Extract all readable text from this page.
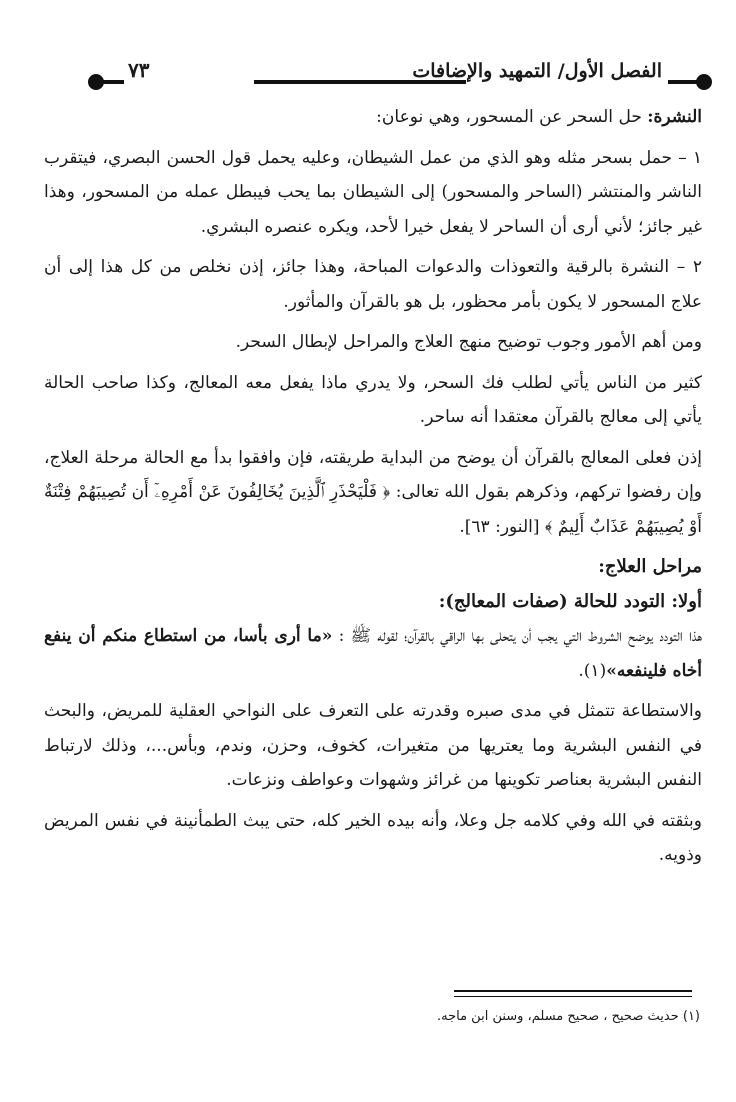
٧٣	الفصل الأول/ التمهيد والإضافات

النشرة: حل السحر عن المسحور، وهي نوعان:

١ – حمل بسحر مثله وهو الذي من عمل الشيطان، وعليه يحمل قول الحسن البصري، فيتقرب الناشر والمنتشر (الساحر والمسحور) إلى الشيطان بما يحب فيبطل عمله من المسحور، وهذا غير جائز؛ لأني أرى أن الساحر لا يفعل خيرا لأحد، ويكره عنصره البشري.

٢ – النشرة بالرقية والتعوذات والدعوات المباحة، وهذا جائز، إذن نخلص من كل هذا إلى أن علاج المسحور لا يكون بأمر محظور، بل هو بالقرآن والمأثور.

ومن أهم الأمور وجوب توضيح منهج العلاج والمراحل لإبطال السحر.

كثير من الناس يأتي لطلب فك السحر، ولا يدري ماذا يفعل معه المعالج، وكذا صاحب الحالة يأتي إلى معالج بالقرآن معتقدا أنه ساحر.

إذن فعلى المعالج بالقرآن أن يوضح من البداية طريقته، فإن وافقوا بدأ مع الحالة مرحلة العلاج، وإن رفضوا تركهم، وذكرهم بقول الله تعالى: ﴿ فَلْيَحْذَرِ ٱلَّذِينَ يُخَالِفُونَ عَنْ أَمْرِهِۦٓ أَن تُصِيبَهُمْ فِتْنَةٌ أَوْ يُصِيبَهُمْ عَذَابٌ أَلِيمٌ ﴾ [النور: ٦٣].

مراحل العلاج:
أولا: التودد للحالة (صفات المعالج):

هذا التودد يوضح الشروط التي يجب أن يتحلى بها الراقي بالقرآن؛ لقوله ﷺ : «ما أرى بأسا، من استطاع منكم أن ينفع أخاه فلينفعه»(١).

والاستطاعة تتمثل في مدى صبره وقدرته على التعرف على النواحي العقلية للمريض، والبحث في النفس البشرية وما يعتريها من متغيرات، كخوف، وحزن، وندم، وبأس...، وذلك لارتباط النفس البشرية بعناصر تكوينها من غرائز وشهوات وعواطف ونزعات.

وبثقته في الله وفي كلامه جل وعلا، وأنه بيده الخير كله، حتى يبث الطمأنينة في نفس المريض وذويه.

(١) حديث صحيح ، صحيح مسلم، وسنن ابن ماجه.
